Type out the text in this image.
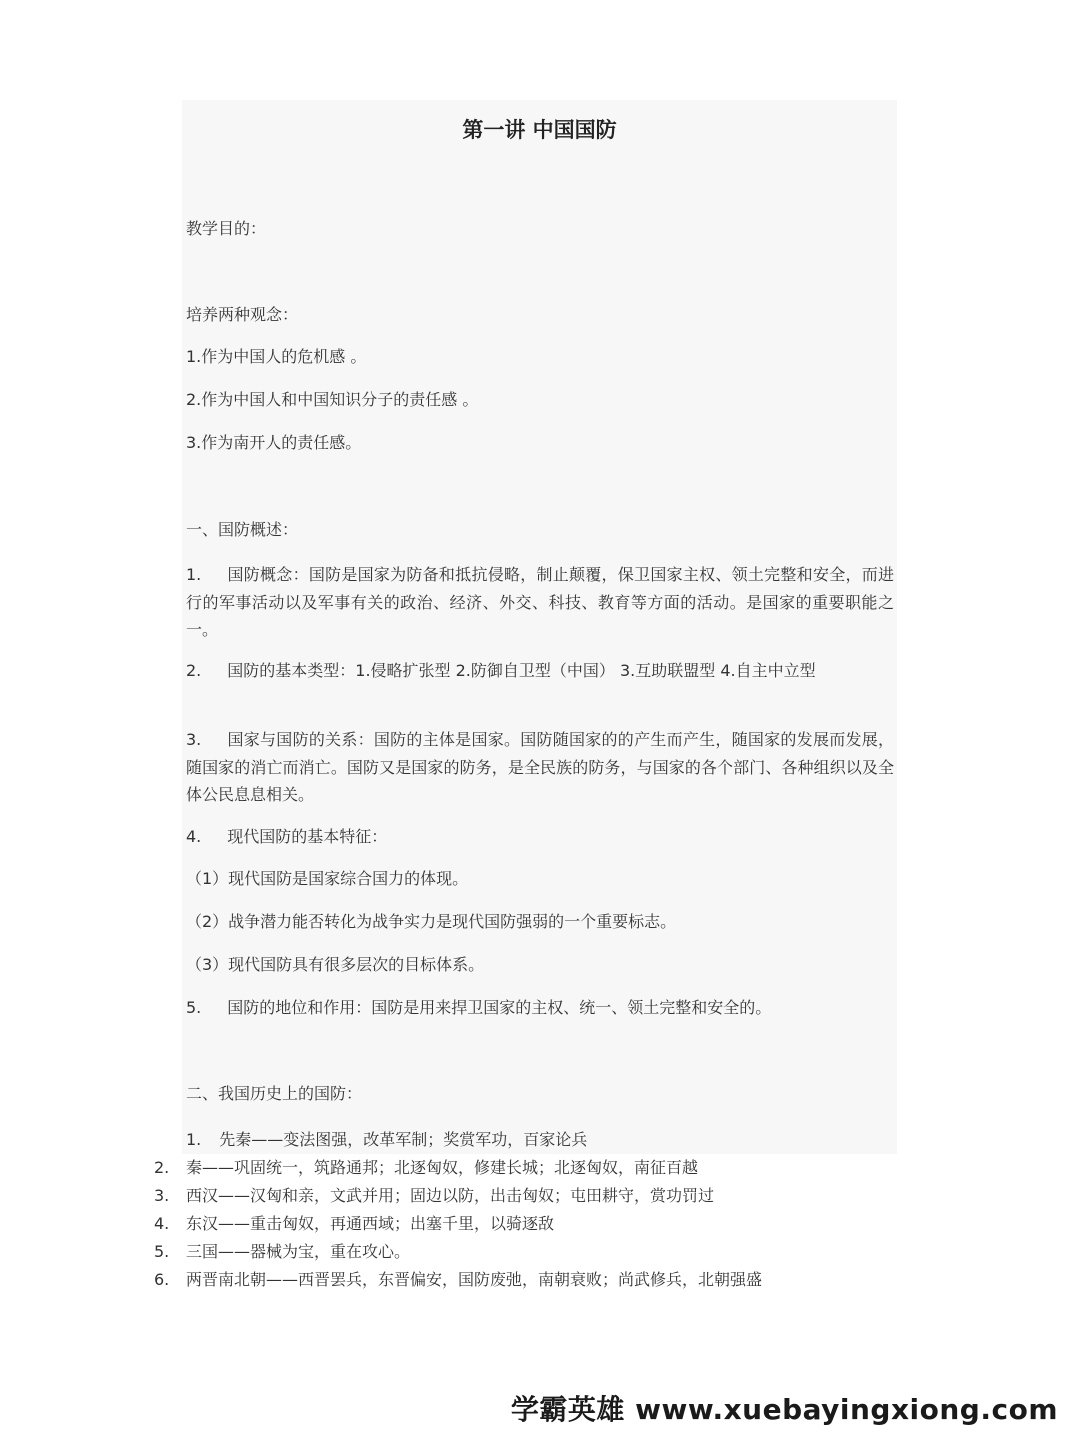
第一讲 中国国防
教学目的：
培养两种观念：
1.作为中国人的危机感 。
2.作为中国人和中国知识分子的责任感 。
3.作为南开人的责任感。
一、国防概述：
1. 国防概念：国防是国家为防备和抵抗侵略，制止颠覆，保卫国家主权、领土完整和安全，而进行的军事活动以及军事有关的政治、经济、外交、科技、教育等方面的活动。是国家的重要职能之一。
2. 国防的基本类型：1.侵略扩张型 2.防御自卫型（中国） 3.互助联盟型 4.自主中立型
3. 国家与国防的关系：国防的主体是国家。国防随国家的的产生而产生，随国家的发展而发展，随国家的消亡而消亡。国防又是国家的防务，是全民族的防务，与国家的各个部门、各种组织以及全体公民息息相关。
4. 现代国防的基本特征：
（1）现代国防是国家综合国力的体现。
（2）战争潜力能否转化为战争实力是现代国防强弱的一个重要标志。
（3）现代国防具有很多层次的目标体系。
5. 国防的地位和作用：国防是用来捍卫国家的主权、统一、领土完整和安全的。
二、我国历史上的国防：
1. 先秦——变法图强，改革军制；奖赏军功，百家论兵
2. 秦——巩固统一，筑路通邦；北逐匈奴，修建长城；北逐匈奴，南征百越
3. 西汉——汉匈和亲，文武并用；固边以防，出击匈奴；屯田耕守，赏功罚过
4. 东汉——重击匈奴，再通西域；出塞千里，以骑逐敌
5. 三国——器械为宝，重在攻心。
6. 两晋南北朝——西晋罢兵，东晋偏安，国防废弛，南朝衰败；尚武修兵，北朝强盛
学霸英雄 www.xuebayingxiong.com
